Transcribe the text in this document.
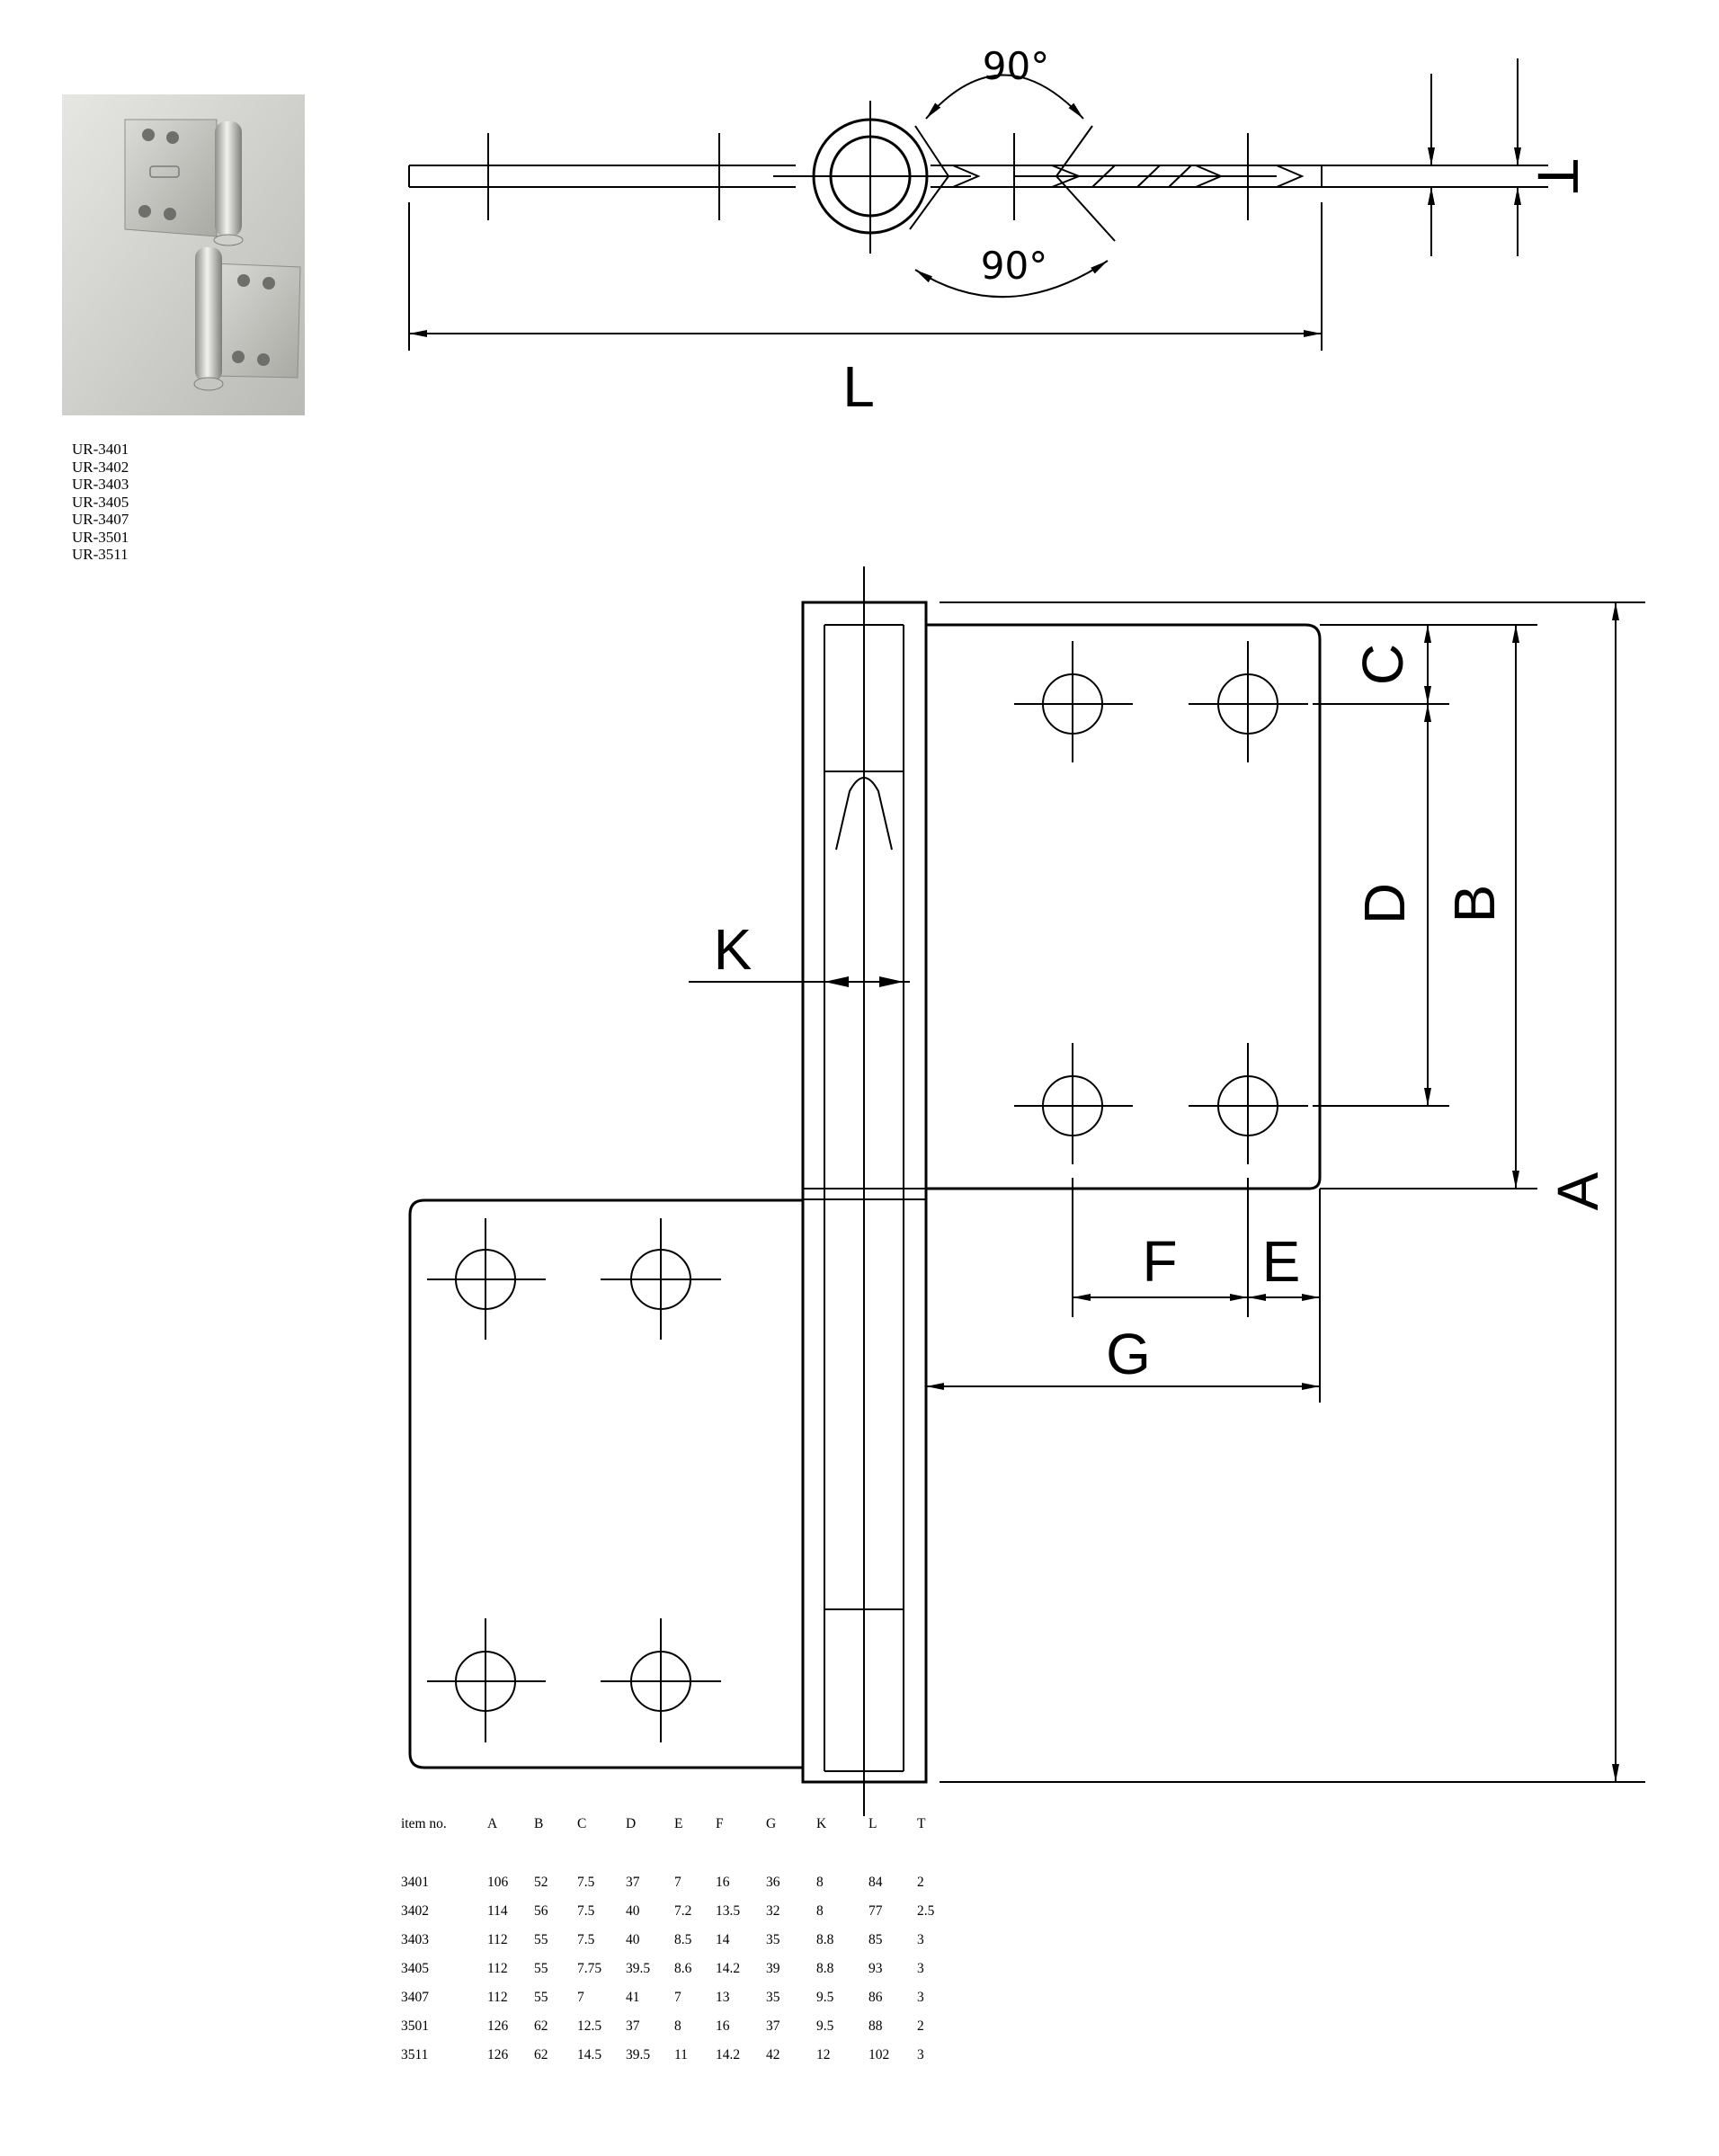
UR-3401
UR-3402
UR-3403
UR-3405
UR-3407
UR-3501
UR-3511
90°
90°
L
T
A
B
C
D
F E
G
K
item no.	A	B	C	D	E	F	G	K	L	T
3401	106	52	7.5	37	7	16	36	8	84	2
3402	114	56	7.5	40	7.2	13.5	32	8	77	2.5
3403	112	55	7.5	40	8.5	14	35	8.8	85	3
3405	112	55	7.75	39.5	8.6	14.2	39	8.8	93	3
3407	112	55	7	41	7	13	35	9.5	86	3
3501	126	62	12.5	37	8	16	37	9.5	88	2
3511	126	62	14.5	39.5	11	14.2	42	12	102	3
